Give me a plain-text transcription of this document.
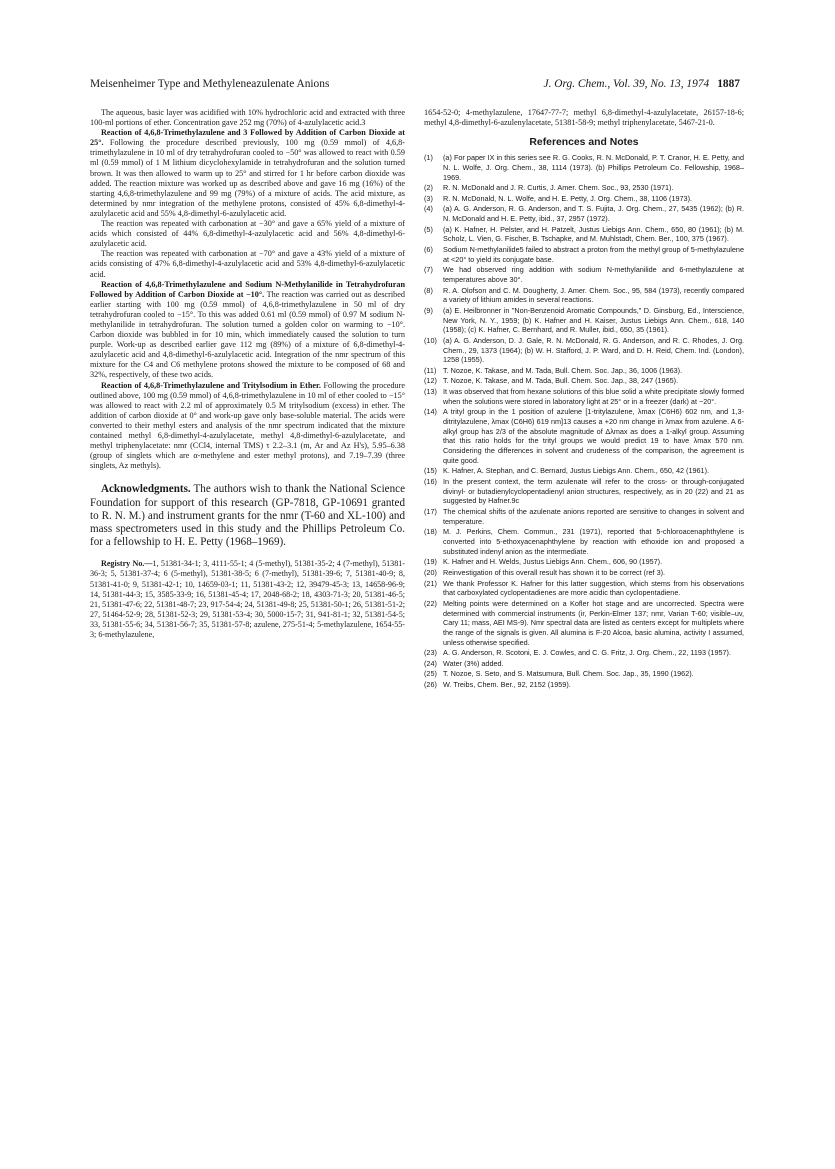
Meisenheimer Type and Methyleneazulenate Anions	J. Org. Chem., Vol. 39, No. 13, 1974 1887

The aqueous, basic layer was acidified with 10% hydrochloric acid and extracted with three 100-ml portions of ether. Concentration gave 252 mg (70%) of 4-azulylacetic acid.3

Reaction of 4,6,8-Trimethylazulene and 3 Followed by Addition of Carbon Dioxide at 25°. Following the procedure described previously, 100 mg (0.59 mmol) of 4,6,8-trimethylazulene in 10 ml of dry tetrahydrofuran cooled to −50° was allowed to react with 0.59 ml (0.59 mmol) of 1 M lithium dicyclohexylamide in tetrahydrofuran and the solution turned brown. It was then allowed to warm up to 25° and stirred for 1 hr before carbon dioxide was added. The reaction mixture was worked up as described above and gave 16 mg (16%) of the starting 4,6,8-trimethylazulene and 99 mg (79%) of a mixture of acids. The acid mixture, as determined by nmr integration of the methylene protons, consisted of 45% 6,8-dimethyl-4-azulylacetic acid and 55% 4,8-dimethyl-6-azulylacetic acid.

The reaction was repeated with carbonation at −30° and gave a 65% yield of a mixture of acids which consisted of 44% 6,8-dimethyl-4-azulylacetic acid and 56% 4,8-dimethyl-6-azulylacetic acid.

The reaction was repeated with carbonation at −70° and gave a 43% yield of a mixture of acids consisting of 47% 6,8-dimethyl-4-azulylacetic acid and 53% 4,8-dimethyl-6-azulylacetic acid.

Reaction of 4,6,8-Trimethylazulene and Sodium N-Methylanilide in Tetrahydrofuran Followed by Addition of Carbon Dioxide at −10°. The reaction was carried out as described earlier starting with 100 mg (0.59 mmol) of 4,6,8-trimethylazulene in 50 ml of dry tetrahydrofuran cooled to −15°. To this was added 0.61 ml (0.59 mmol) of 0.97 M sodium N-methylanilide in tetrahydrofuran. The solution turned a golden color on warming to −10°. Carbon dioxide was bubbled in for 10 min, which immediately caused the solution to turn purple. Work-up as described earlier gave 112 mg (89%) of a mixture of 6,8-dimethyl-4-azulylacetic acid and 4,8-dimethyl-6-azulylacetic acid. Integration of the nmr spectrum of this mixture for the C4 and C6 methylene protons showed the mixture to be composed of 68 and 32%, respectively, of these two acids.

Reaction of 4,6,8-Trimethylazulene and Tritylsodium in Ether. Following the procedure outlined above, 100 mg (0.59 mmol) of 4,6,8-trimethylazulene in 10 ml of ether cooled to −15° was allowed to react with 2.2 ml of approximately 0.5 M tritylsodium (excess) in ether. The addition of carbon dioxide at 0° and work-up gave only base-soluble material. The acids were converted to their methyl esters and analysis of the nmr spectrum indicated that the mixture contained methyl 6,8-dimethyl-4-azulylacetate, methyl 4,8-dimethyl-6-azulylacetate, and methyl triphenylacetate: nmr (CCl4, internal TMS) τ 2.2–3.1 (m, Ar and Az H's), 5.95–6.38 (group of singlets which are α-methylene and ester methyl protons), and 7.19–7.39 (three singlets, Az methyls).

Acknowledgments. The authors wish to thank the National Science Foundation for support of this research (GP-7818, GP-10691 granted to R. N. M.) and instrument grants for the nmr (T-60 and XL-100) and mass spectrometers used in this study and the Phillips Petroleum Co. for a fellowship to H. E. Petty (1968–1969).

Registry No.—1, 51381-34-1; 3, 4111-55-1; 4 (5-methyl), 51381-35-2; 4 (7-methyl), 51381-36-3; 5, 51381-37-4; 6 (5-methyl), 51381-38-5; 6 (7-methyl), 51381-39-6; 7, 51381-40-9; 8, 51381-41-0; 9, 51381-42-1; 10, 14659-03-1; 11, 51381-43-2; 12, 39479-45-3; 13, 14658-96-9; 14, 51381-44-3; 15, 3585-33-9; 16, 51381-45-4; 17, 2048-68-2; 18, 4303-71-3; 20, 51381-46-5; 21, 51381-47-6; 22, 51381-48-7; 23, 917-54-4; 24, 51381-49-8; 25, 51381-50-1; 26, 51381-51-2; 27, 51464-52-9; 28, 51381-52-3; 29, 51381-53-4; 30, 5000-15-7; 31, 941-81-1; 32, 51381-54-5; 33, 51381-55-6; 34, 51381-56-7; 35, 51381-57-8; azulene, 275-51-4; 5-methylazulene, 1654-55-3; 6-methylazulene,

1654-52-0; 4-methylazulene, 17647-77-7; methyl 6,8-dimethyl-4-azulylacetate, 26157-18-6; methyl 4,8-dimethyl-6-azulenylacetate, 51381-58-9; methyl triphenylacetate, 5467-21-0.

References and Notes
(1)	(a) For paper IX in this series see R. G. Cooks, R. N. McDonald, P. T. Cranor, H. E. Petty, and N. L. Wolfe, J. Org. Chem., 38, 1114 (1973). (b) Phillips Petroleum Co. Fellowship, 1968–1969.
(2)	R. N. McDonald and J. R. Curtis, J. Amer. Chem. Soc., 93, 2530 (1971).
(3)	R. N. McDonald, N. L. Wolfe, and H. E. Petty, J. Org. Chem., 38, 1106 (1973).
(4)	(a) A. G. Anderson, R. G. Anderson, and T. S. Fujita, J. Org. Chem., 27, 5435 (1962); (b) R. N. McDonald and H. E. Petty, ibid., 37, 2957 (1972).
(5)	(a) K. Hafner, H. Pelster, and H. Patzelt, Justus Liebigs Ann. Chem., 650, 80 (1961); (b) M. Scholz, L. Vien, G. Fischer, B. Tschapke, and M. Muhlstadt, Chem. Ber., 100, 375 (1967).
(6)	Sodium N-methylanilide5 failed to abstract a proton from the methyl group of 5-methylazulene at <20° to yield its conjugate base.
(7)	We had observed ring addition with sodium N-methylanilide and 6-methylazulene at temperatures above 30°.
(8)	R. A. Olofson and C. M. Dougherty, J. Amer. Chem. Soc., 95, 584 (1973), recently compared a variety of lithium amides in several reactions.
(9)	(a) E. Heilbronner in "Non-Benzenoid Aromatic Compounds," D. Ginsburg, Ed., Interscience, New York, N. Y., 1959; (b) K. Hafner and H. Kaiser, Justus Liebigs Ann. Chem., 618, 140 (1958); (c) K. Hafner, C. Bernhard, and R. Muller, ibid., 650, 35 (1961).
(10) (a) A. G. Anderson, D. J. Gale, R. N. McDonald, R. G. Anderson, and R. C. Rhodes, J. Org. Chem., 29, 1373 (1964); (b) W. H. Stafford, J. P. Ward, and D. H. Reid, Chem. Ind. (London), 1258 (1955).
(11) T. Nozoe, K. Takase, and M. Tada, Bull. Chem. Soc. Jap., 36, 1006 (1963).
(12) T. Nozoe, K. Takase, and M. Tada, Bull. Chem. Soc. Jap., 38, 247 (1965).
(13) It was observed that from hexane solutions of this blue solid a white precipitate slowly formed when the solutions were stored in laboratory light at 25° or in a freezer (dark) at −20°.
(14) A trityl group in the 1 position of azulene [1-tritylazulene, λmax (C6H6) 602 nm, and 1,3-ditritylazulene, λmax (C6H6) 619 nm]13 causes a +20 nm change in λmax from azulene. A 6-alkyl group has 2/3 of the absolute magnitude of Δλmax as does a 1-alkyl group. Assuming that this ratio holds for the trityl groups we would predict 19 to have λmax 570 nm. Considering the differences in solvent and crudeness of the comparison, the agreement is quite good.
(15) K. Hafner, A. Stephan, and C. Bernard, Justus Liebigs Ann. Chem., 650, 42 (1961).
(16) In the present context, the term azulenate will refer to the cross- or through-conjugated divinyl- or butadienylcyclopentadienyl anion structures, respectively, as in 20 (22) and 21 as suggested by Hafner.9c
(17) The chemical shifts of the azulenate anions reported are sensitive to changes in solvent and temperature.
(18) M. J. Perkins, Chem. Commun., 231 (1971), reported that 5-chloroacenaphthylene is converted into 5-ethoxyacenaphthylene by reaction with ethoxide ion and proposed a substituted indenyl anion as the intermediate.
(19) K. Hafner and H. Welds, Justus Liebigs Ann. Chem., 606, 90 (1957).
(20) Reinvestigation of this overall result has shown it to be correct (ref 3).
(21) We thank Professor K. Hafner for this latter suggestion, which stems from his observations that carboxylated cyclopentadienes are more acidic than cyclopentadiene.
(22) Melting points were determined on a Kofler hot stage and are uncorrected. Spectra were determined with commercial instruments (ir, Perkin-Elmer 137; nmr, Varian T-60; visible–uv, Cary 11; mass, AEI MS-9). Nmr spectral data are listed as centers except for multiplets where the range of the signals is given. All alumina is F-20 Alcoa, basic alumina, activity I assumed, unless otherwise specified.
(23) A. G. Anderson, R. Scotoni, E. J. Cowles, and C. G. Fritz, J. Org. Chem., 22, 1193 (1957).
(24) Water (3%) added.
(25) T. Nozoe, S. Seto, and S. Matsumura, Bull. Chem. Soc. Jap., 35, 1990 (1962).
(26) W. Treibs, Chem. Ber., 92, 2152 (1959).
